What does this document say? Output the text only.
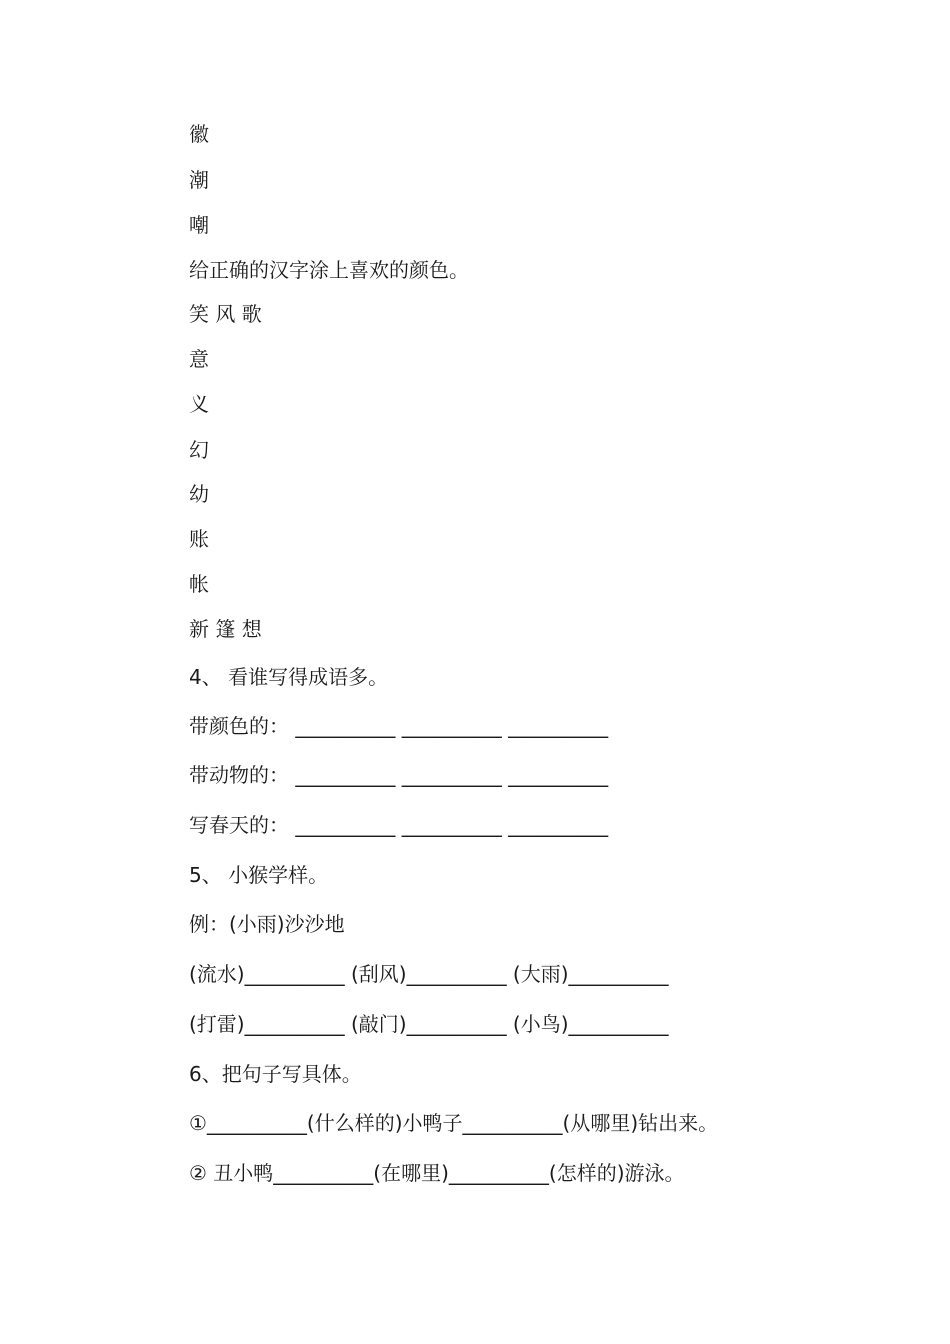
徽
潮
嘲
给正确的汉字涂上喜欢的颜色。
笑 风 歌
意
义
幻
幼
账
帐
新 篷 想
4、 看谁写得成语多。
带颜色的： __________ __________ __________
带动物的： __________ __________ __________
写春天的： __________ __________ __________
5、 小猴学样。
例：(小雨)沙沙地
(流水)__________ (刮风)__________ (大雨)__________
(打雷)__________ (敲门)__________ (小鸟)__________
6、把句子写具体。
①__________(什么样的)小鸭子__________(从哪里)钻出来。
② 丑小鸭__________(在哪里)__________(怎样的)游泳。
